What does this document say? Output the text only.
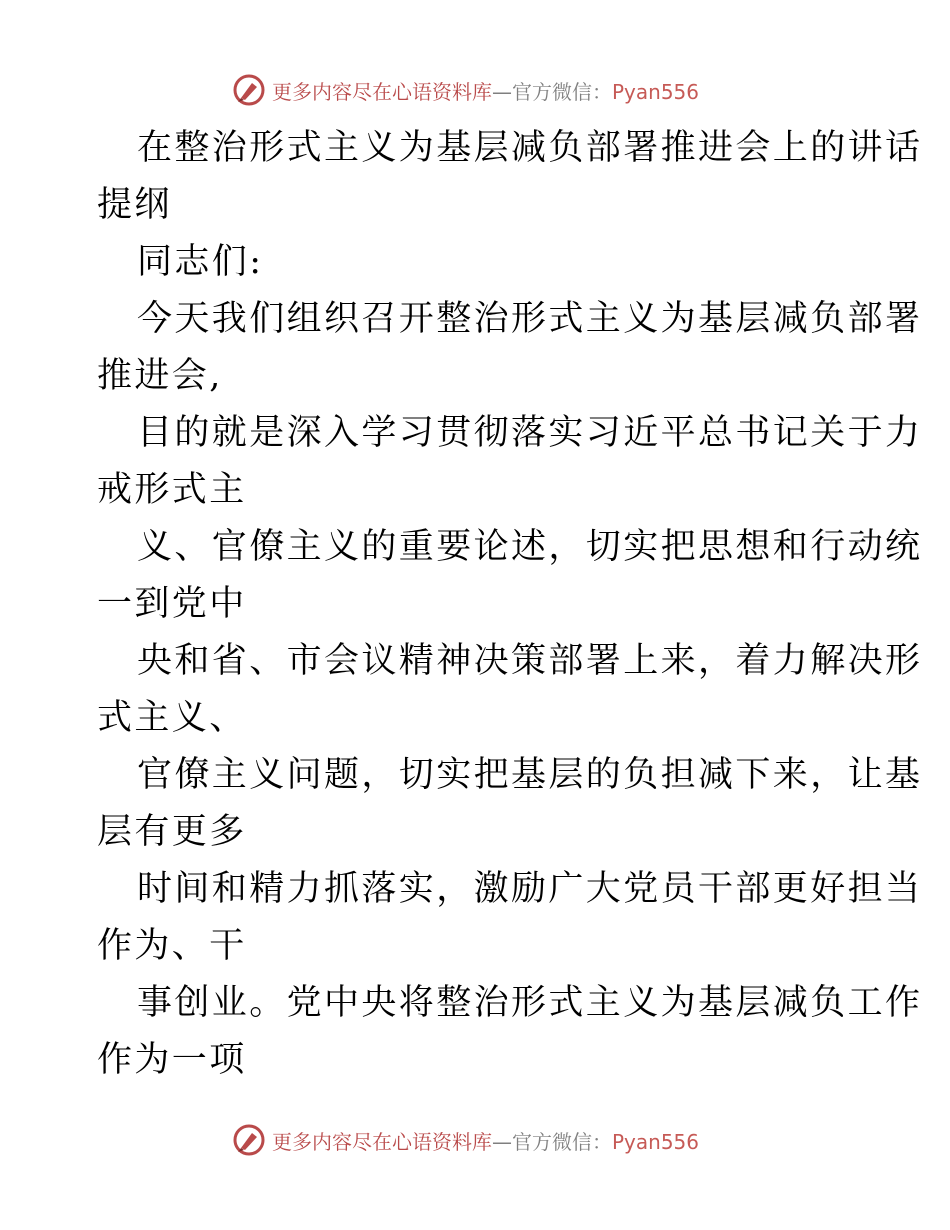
更多内容尽在心语资料库—官方微信：Pyan556
在整治形式主义为基层减负部署推进会上的讲话
提纲
同志们:
今天我们组织召开整治形式主义为基层减负部署
推进会,
目的就是深入学习贯彻落实习近平总书记关于力
戒形式主
义、官僚主义的重要论述，切实把思想和行动统
一到党中
央和省、市会议精神决策部署上来，着力解决形
式主义、
官僚主义问题，切实把基层的负担减下来，让基
层有更多
时间和精力抓落实，激励广大党员干部更好担当
作为、干
事创业。党中央将整治形式主义为基层减负工作
作为一项
更多内容尽在心语资料库—官方微信：Pyan556
